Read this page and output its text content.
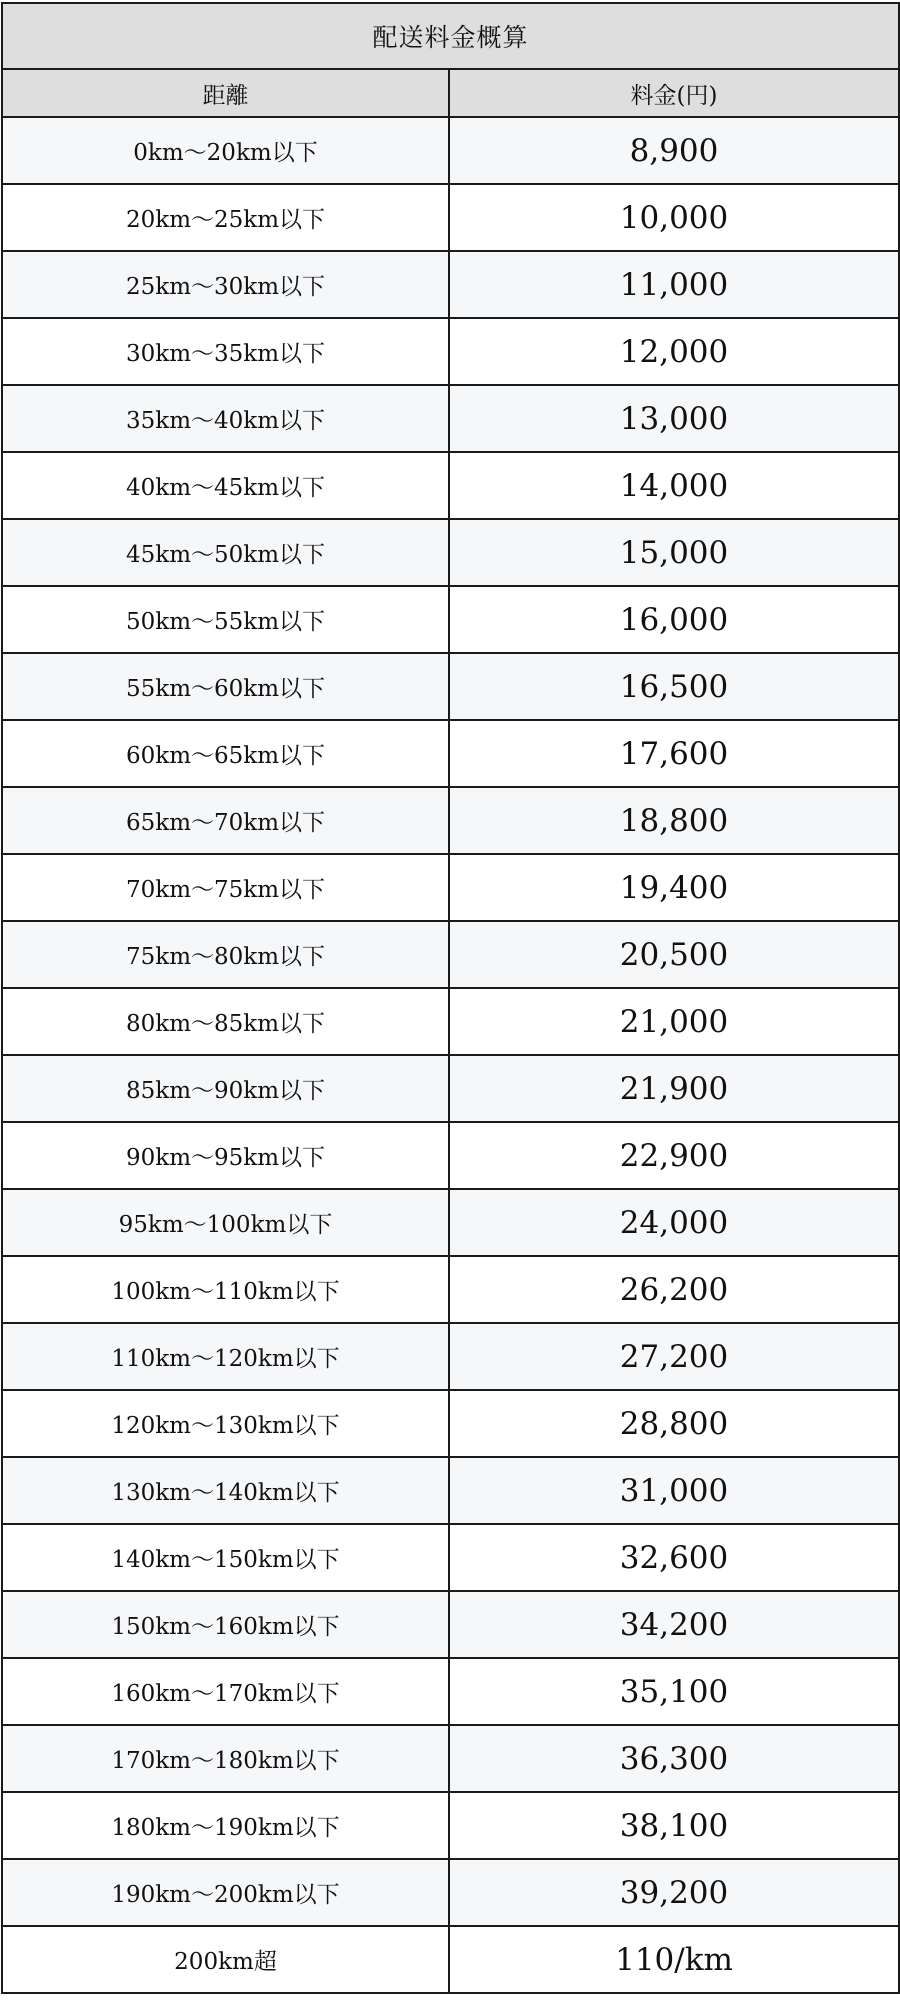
配送料金概算	
距離	料金(円)
0km～20km以下	8,900
20km～25km以下	10,000
25km～30km以下	11,000
30km～35km以下	12,000
35km～40km以下	13,000
40km～45km以下	14,000
45km～50km以下	15,000
50km～55km以下	16,000
55km～60km以下	16,500
60km～65km以下	17,600
65km～70km以下	18,800
70km～75km以下	19,400
75km～80km以下	20,500
80km～85km以下	21,000
85km～90km以下	21,900
90km～95km以下	22,900
95km～100km以下	24,000
100km～110km以下	26,200
110km～120km以下	27,200
120km～130km以下	28,800
130km～140km以下	31,000
140km～150km以下	32,600
150km～160km以下	34,200
160km～170km以下	35,100
170km～180km以下	36,300
180km～190km以下	38,100
190km～200km以下	39,200
200km超	110/km
